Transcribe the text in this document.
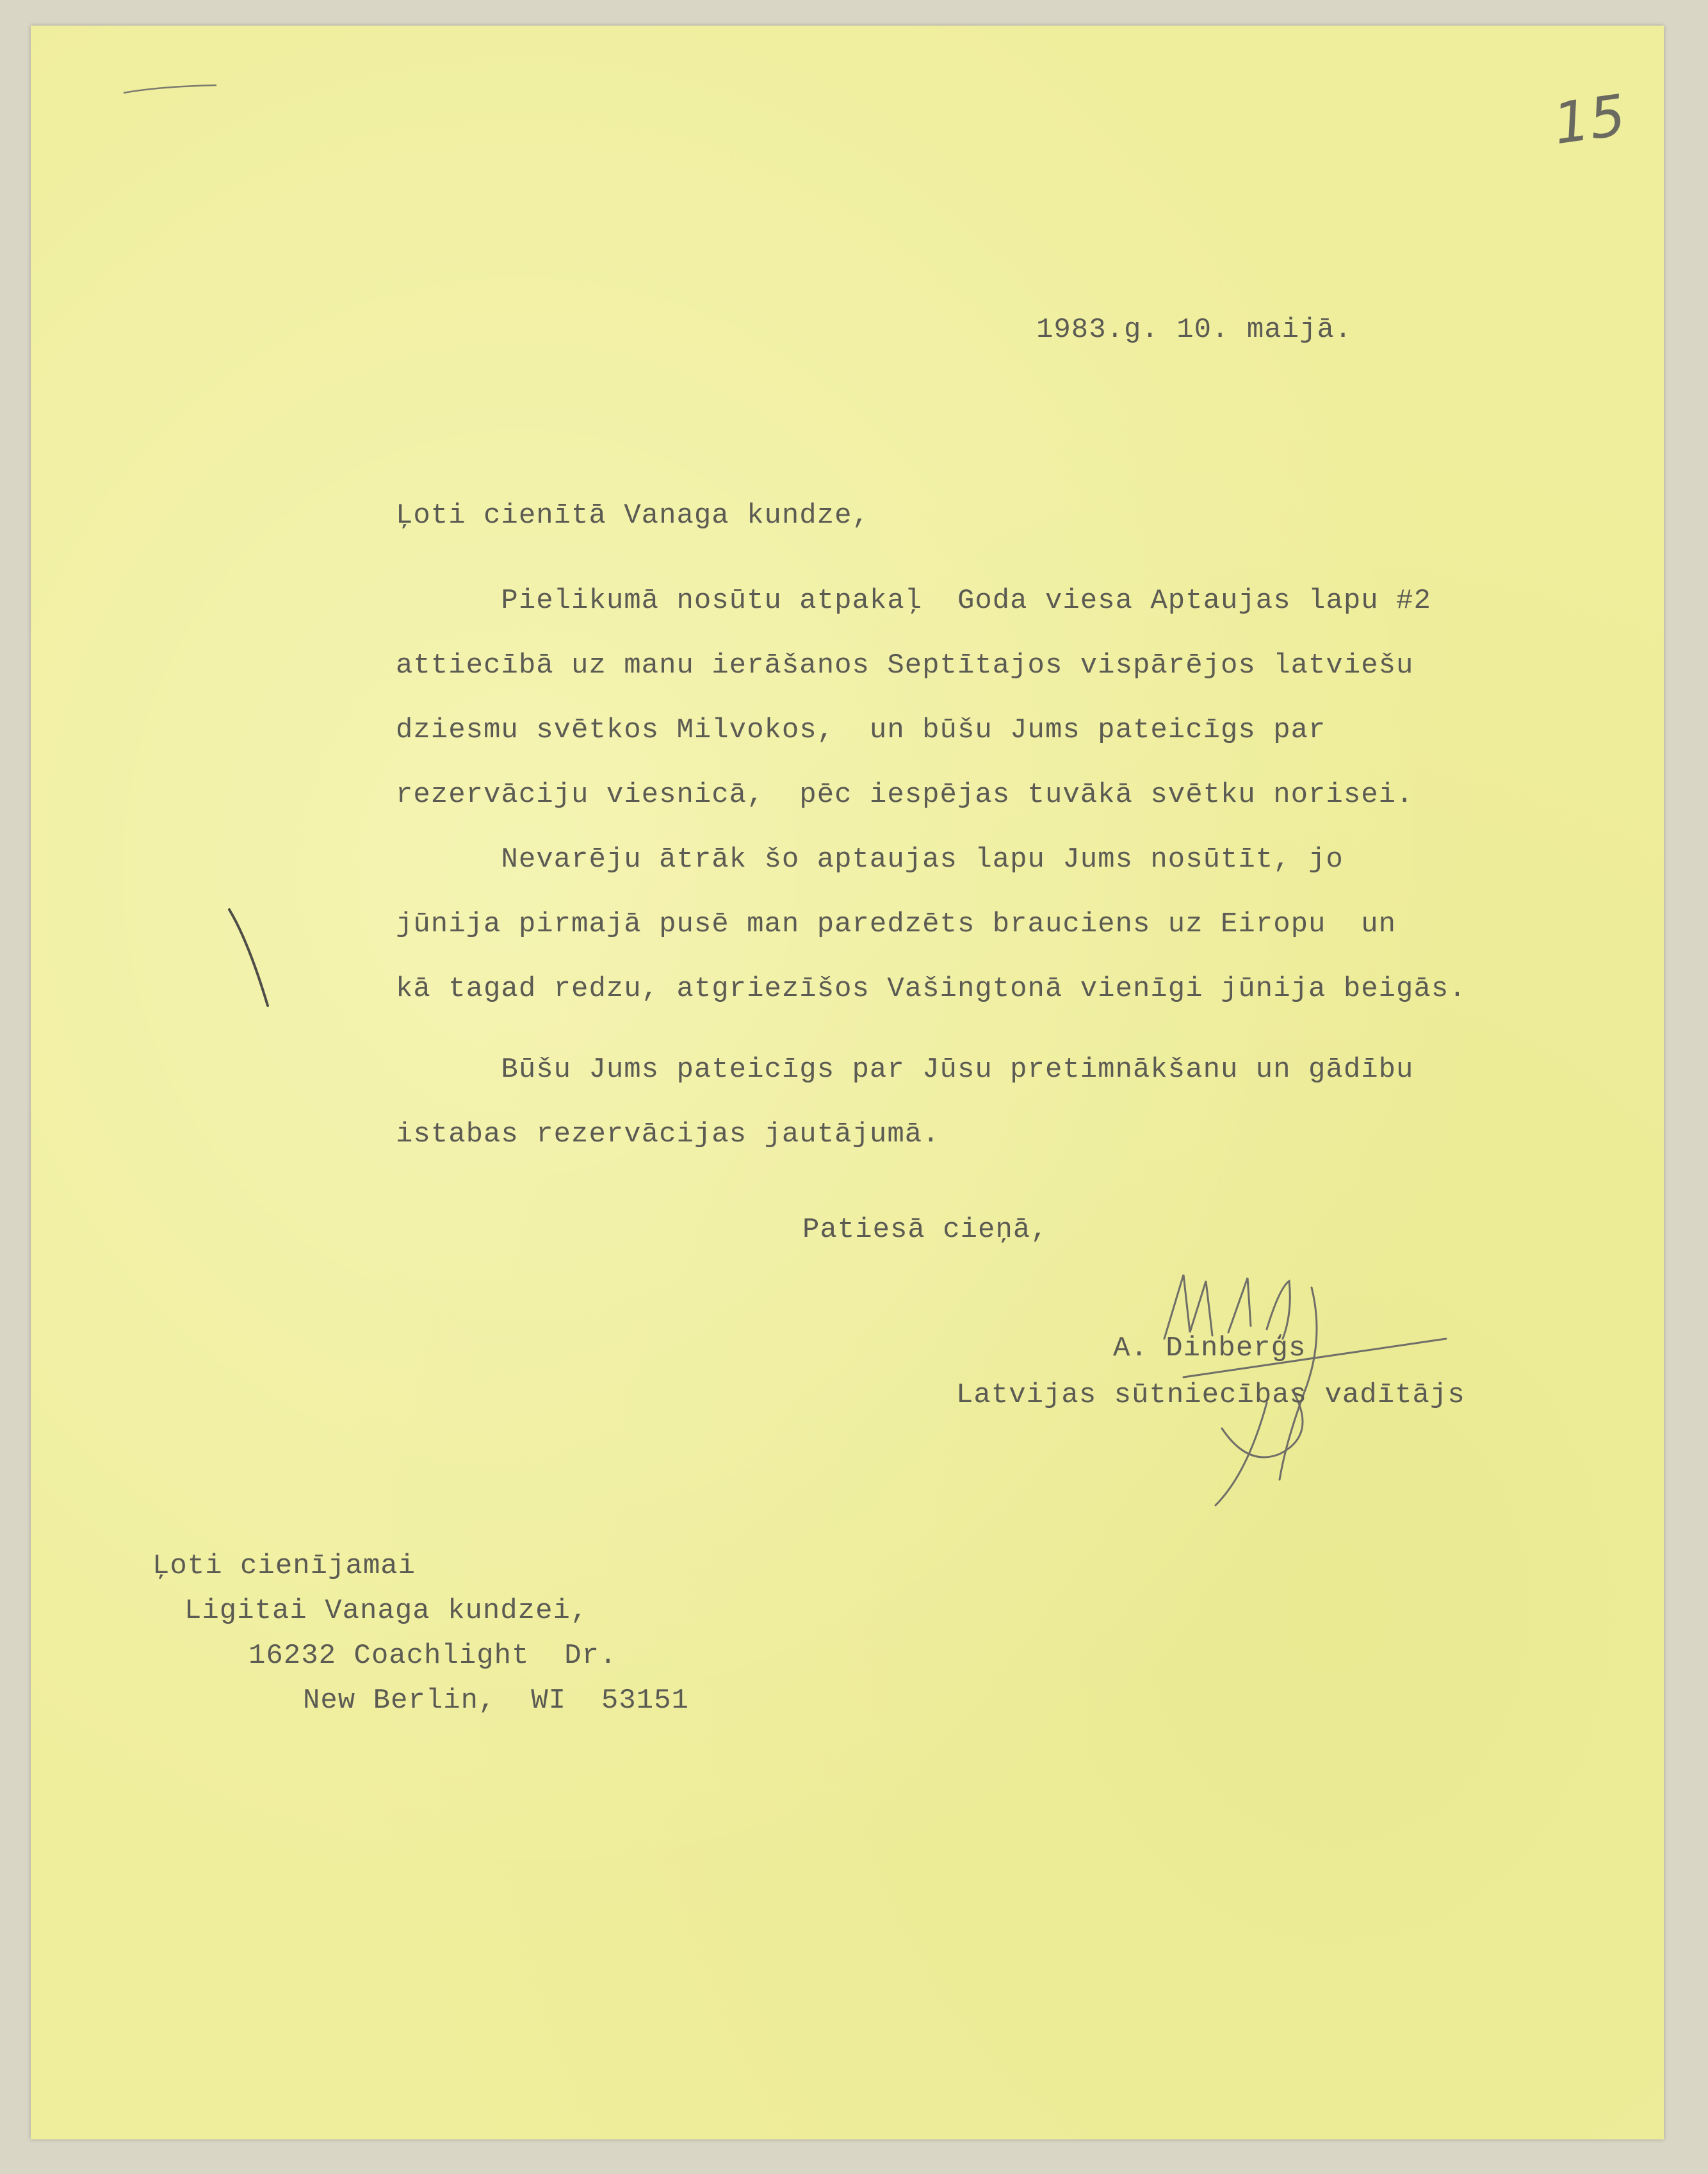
15
1983.g. 10. maijā.
Ļoti cienītā Vanaga kundze,
Pielikumā nosūtu atpakaļ  Goda viesa Aptaujas lapu #2
attiecībā uz manu ierāšanos Septītajos vispārējos latviešu
dziesmu svētkos Milvokos,  un būšu Jums pateicīgs par
rezervāciju viesnicā,  pēc iespējas tuvākā svētku norisei.
Nevarēju ātrāk šo aptaujas lapu Jums nosūtīt, jo
jūnija pirmajā pusē man paredzēts brauciens uz Eiropu  un
kā tagad redzu, atgriezīšos Vašingtonā vienīgi jūnija beigās.
Būšu Jums pateicīgs par Jūsu pretimnākšanu un gādību
istabas rezervācijas jautājumā.
Patiesā cieņā,
A. Dinberģs
Latvijas sūtniecības vadītājs
Ļoti cienījamai
Ligitai Vanaga kundzei,
16232 Coachlight  Dr.
New Berlin,  WI  53151
